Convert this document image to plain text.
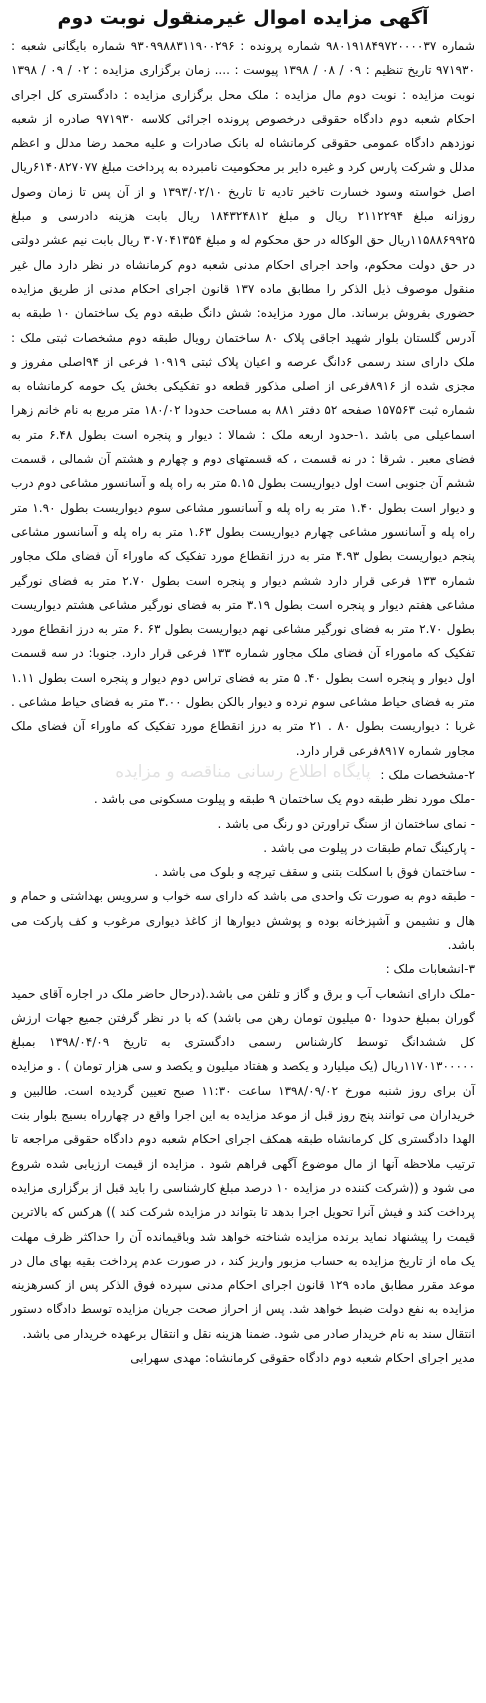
آگهی مزایده اموال غیرمنقول نوبت دوم

شماره ۹۸۰۱۹۱۸۴۹۷۲۰۰۰۰۳۷ شماره پرونده : ۹۳۰۹۹۸۸۳۱۱۹۰۰۲۹۶ شماره بایگانی شعبه : ۹۷۱۹۳۰ تاریخ تنظیم : ۰۹ / ۰۸ / ۱۳۹۸ پیوست : .... زمان برگزاری مزایده : ۰۲ / ۰۹ / ۱۳۹۸ نوبت مزایده : نوبت دوم مال مزایده : ملک محل برگزاری مزایده : دادگستری کل اجرای احکام شعبه دوم دادگاه حقوقی درخصوص پرونده اجرائی کلاسه ۹۷۱۹۳۰ صادره از شعبه نوزدهم دادگاه عمومی حقوقی کرمانشاه له بانک صادرات و علیه محمد رضا مدلل و اعظم مدلل و شرکت پارس کرد و غیره دایر بر محکومیت نامبرده به پرداخت مبلغ ۶۱۴۰۸۲۷۰۷۷ریال اصل خواسته وسود خسارت تاخیر تادیه تا تاریخ ۱۳۹۳/۰۲/۱۰ و از آن پس تا زمان وصول روزانه مبلغ ۲۱۱۲۲۹۴ ریال و مبلغ ۱۸۴۳۲۴۸۱۲ ریال بابت هزینه دادرسی و مبلغ ۱۱۵۸۸۶۹۹۲۵ریال حق الوکاله در حق محکوم له و مبلغ ۳۰۷۰۴۱۳۵۴ ریال بابت نیم عشر دولتی در حق دولت محکوم، واحد اجرای احکام مدنی شعبه دوم کرمانشاه در نظر دارد مال غیر منقول موصوف ذیل الذکر را مطابق ماده ۱۳۷ قانون اجرای احکام مدنی از طریق مزایده حضوری بفروش برساند. مال مورد مزایده: شش دانگ طبقه دوم یک ساختمان ۱۰ طبقه به آدرس گلستان بلوار شهید اجاقی پلاک ۸۰ ساختمان رویال طبقه دوم مشخصات ثبتی ملک : ملک دارای سند رسمی ۶دانگ عرصه و اعیان پلاک ثبتی ۱۰۹۱۹ فرعی از ۹۴اصلی مفروز و مجزی شده از ۸۹۱۶فرعی از اصلی مذکور قطعه دو تفکیکی بخش یک حومه کرمانشاه به شماره ثبت ۱۵۷۵۶۳ صفحه ۵۲ دفتر ۸۸۱ به مساحت حدودا ۱۸۰/۰۲ متر مربع به نام خانم زهرا اسماعیلی می باشد .۱-حدود اربعه ملک : شمالا : دیوار و پنجره است بطول ۶.۴۸ متر به فضای معبر . شرقا : در نه قسمت ، که قسمتهای دوم و چهارم و هشتم آن شمالی ، قسمت ششم آن جنوبی است اول دیواریست بطول ۵.۱۵ متر به راه پله و آسانسور مشاعی دوم درب و دیوار است بطول ۱.۴۰ متر به راه پله و آسانسور مشاعی سوم دیواریست بطول ۱.۹۰ متر راه پله و آسانسور مشاعی چهارم دیواریست بطول ۱.۶۳ متر به راه پله و آسانسور مشاعی پنجم دیواریست بطول ۴.۹۳ متر به درز انقطاع مورد تفکیک که ماوراء آن فضای ملک مجاور شماره ۱۳۳ فرعی قرار دارد ششم دیوار و پنجره است بطول ۲.۷۰ متر به فضای نورگیر مشاعی هفتم دیوار و پنجره است بطول ۳.۱۹ متر به فضای نورگیر مشاعی هشتم دیواریست بطول ۲.۷۰ متر به فضای نورگیر مشاعی نهم دیواریست بطول ۶۳ .۶ متر به درز انقطاع مورد تفکیک که ماموراء آن فضای ملک مجاور شماره ۱۳۳ فرعی قرار دارد. جنوبا: در سه قسمت اول دیوار و پنجره است بطول ۴۰. ۵ متر به فضای تراس دوم دیوار و پنجره است بطول ۱.۱۱ متر به فضای حیاط مشاعی سوم نرده و دیوار بالکن بطول ۳.۰۰ متر به فضای حیاط مشاعی . غربا : دیواریست بطول ۸۰ . ۲۱ متر به درز انقطاع مورد تفکیک که ماوراء آن فضای ملک مجاور شماره ۸۹۱۷فرعی قرار دارد.

۲-مشخصات ملک :

-ملک مورد نظر طبقه دوم یک ساختمان ۹ طبقه و پیلوت مسکونی می باشد .

- نمای ساختمان از سنگ تراورتن دو رنگ می باشد .

- پارکینگ تمام طبقات در پیلوت می باشد .

- ساختمان فوق با اسکلت بتنی و سقف تیرچه و بلوک می باشد .

- طبقه دوم به صورت تک واحدی می باشد که دارای سه خواب و سرویس بهداشتی و حمام و هال و نشیمن و آشپزخانه بوده و پوشش دیوارها از کاغذ دیواری مرغوب و کف پارکت می باشد.

۳-انشعابات ملک :

-ملک دارای انشعاب آب و برق و گاز و تلفن می باشد.(درحال حاضر ملک در اجاره آقای حمید گوران بمبلغ حدودا ۵۰ میلیون تومان رهن می باشد) که با در نظر گرفتن جمیع جهات ارزش کل ششدانگ توسط کارشناس رسمی دادگستری به تاریخ ۱۳۹۸/۰۴/۰۹ بمبلغ ۱۱۷۰۱۳۰۰۰۰۰ریال (یک میلیارد و یکصد و هفتاد میلیون و یکصد و سی هزار تومان ) . و مزایده آن برای روز شنبه مورخ ۱۳۹۸/۰۹/۰۲ ساعت ۱۱:۳۰ صبح تعیین گردیده است. طالبین و خریداران می توانند پنج روز قبل از موعد مزایده به این اجرا واقع در چهارراه بسیج بلوار بنت الهدا دادگستری کل کرمانشاه طبقه همکف اجرای احکام شعبه دوم دادگاه حقوقی مراجعه تا ترتیب ملاحظه آنها از مال موضوع آگهی فراهم شود . مزایده از قیمت ارزیابی شده شروع می شود و ((شرکت کننده در مزایده ۱۰ درصد مبلغ کارشناسی را باید قبل از برگزاری مزایده پرداخت کند و فیش آنرا تحویل اجرا بدهد تا بتواند در مزایده شرکت کند )) هرکس که بالاترین قیمت را پیشنهاد نماید برنده مزایده شناخته خواهد شد وباقیمانده آن را حداکثر ظرف مهلت یک ماه از تاریخ مزایده به حساب مزبور واریز کند ، در صورت عدم پرداخت بقیه بهای مال در موعد مقرر مطابق ماده ۱۲۹ قانون اجرای احکام مدنی سپرده فوق الذکر پس از کسرهزینه مزایده به نفع دولت ضبط خواهد شد. پس از احراز صحت جریان مزایده توسط دادگاه دستور انتقال سند به نام خریدار صادر می شود. ضمنا هزینه نقل و انتقال برعهده خریدار می باشد.

مدیر اجرای احکام شعبه دوم دادگاه حقوقی کرمانشاه: مهدی سهرابی

پایگاه اطلاع رسانی مناقصه و مزایده
